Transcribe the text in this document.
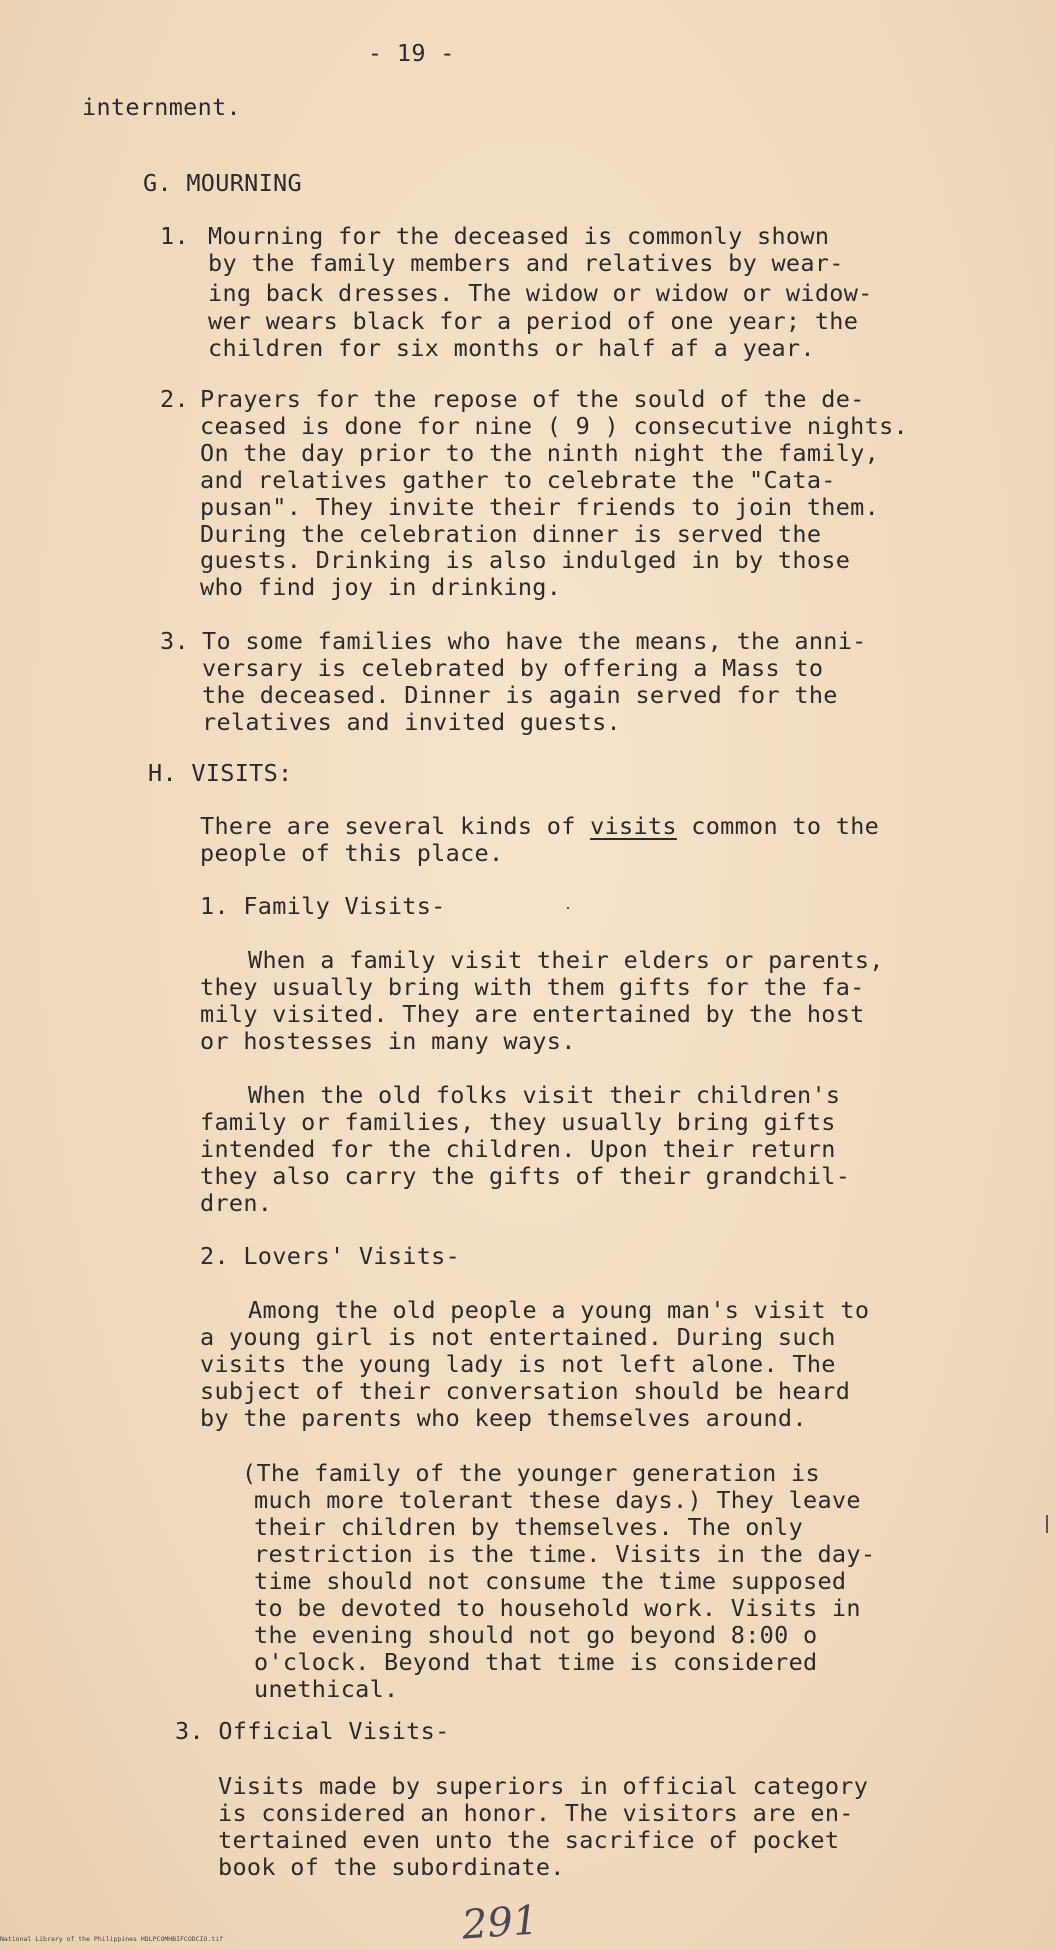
- 19 -

internment.

G. MOURNING

1. Mourning for the deceased is commonly shown

by the family members and relatives by wear-

ing back dresses. The widow or widow or widow-

wer wears black for a period of one year; the

children for six months or half af a year.

2. Prayers for the repose of the sould of the de-

ceased is done for nine ( 9 ) consecutive nights.

On the day prior to the ninth night the family,

and relatives gather to celebrate the "Cata-

pusan". They invite their friends to join them.

During the celebration dinner is served the

guests. Drinking is also indulged in by those

who find joy in drinking.

3. To some families who have the means, the anni-

versary is celebrated by offering a Mass to

the deceased. Dinner is again served for the

relatives and invited guests.

H. VISITS:

There are several kinds of visits common to the

people of this place.

1. Family Visits-

When a family visit their elders or parents,

they usually bring with them gifts for the fa-

mily visited. They are entertained by the host

or hostesses in many ways.

When the old folks visit their children's

family or families, they usually bring gifts

intended for the children. Upon their return

they also carry the gifts of their grandchil-

dren.

2. Lovers' Visits-

Among the old people a young man's visit to

a young girl is not entertained. During such

visits the young lady is not left alone. The

subject of their conversation should be heard

by the parents who keep themselves around.

(The family of the younger generation is

much more tolerant these days.) They leave

their children by themselves. The only

restriction is the time. Visits in the day-

time should not consume the time supposed

to be devoted to household work. Visits in

the evening should not go beyond 8:00 o

o'clock. Beyond that time is considered

unethical.

3. Official Visits-

Visits made by superiors in official category

is considered an honor. The visitors are en-

tertained even unto the sacrifice of pocket

book of the subordinate.

291
National Library of the Philippines HDLPCOMHBIFCODCIO.tif
